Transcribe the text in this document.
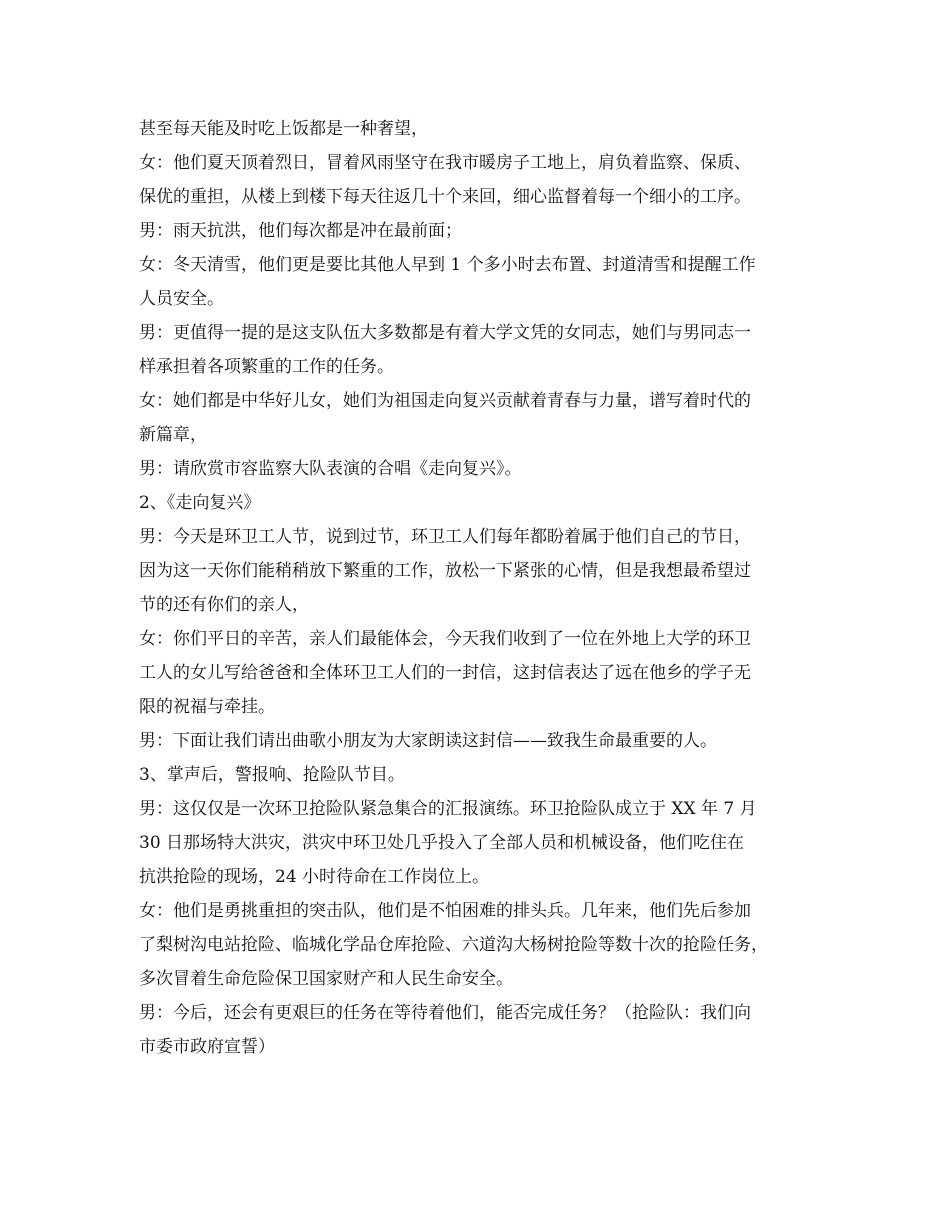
甚至每天能及时吃上饭都是一种奢望，
女：他们夏天顶着烈日，冒着风雨坚守在我市暖房子工地上，肩负着监察、保质、
保优的重担，从楼上到楼下每天往返几十个来回，细心监督着每一个细小的工序。
男：雨天抗洪，他们每次都是冲在最前面；
女：冬天清雪，他们更是要比其他人早到 1 个多小时去布置、封道清雪和提醒工作
人员安全。
男：更值得一提的是这支队伍大多数都是有着大学文凭的女同志，她们与男同志一
样承担着各项繁重的工作的任务。
女：她们都是中华好儿女，她们为祖国走向复兴贡献着青春与力量，谱写着时代的
新篇章，
男：请欣赏市容监察大队表演的合唱《走向复兴》。
2、《走向复兴》
男：今天是环卫工人节，说到过节，环卫工人们每年都盼着属于他们自己的节日，
因为这一天你们能稍稍放下繁重的工作，放松一下紧张的心情，但是我想最希望过
节的还有你们的亲人，
女：你们平日的辛苦，亲人们最能体会，今天我们收到了一位在外地上大学的环卫
工人的女儿写给爸爸和全体环卫工人们的一封信，这封信表达了远在他乡的学子无
限的祝福与牵挂。
男：下面让我们请出曲歌小朋友为大家朗读这封信——致我生命最重要的人。
3、掌声后，警报响、抢险队节目。
男：这仅仅是一次环卫抢险队紧急集合的汇报演练。环卫抢险队成立于 XX 年 7 月
30 日那场特大洪灾，洪灾中环卫处几乎投入了全部人员和机械设备，他们吃住在
抗洪抢险的现场，24 小时待命在工作岗位上。
女：他们是勇挑重担的突击队，他们是不怕困难的排头兵。几年来，他们先后参加
了梨树沟电站抢险、临城化学品仓库抢险、六道沟大杨树抢险等数十次的抢险任务，
多次冒着生命危险保卫国家财产和人民生命安全。
男：今后，还会有更艰巨的任务在等待着他们，能否完成任务？（抢险队：我们向
市委市政府宣誓）
